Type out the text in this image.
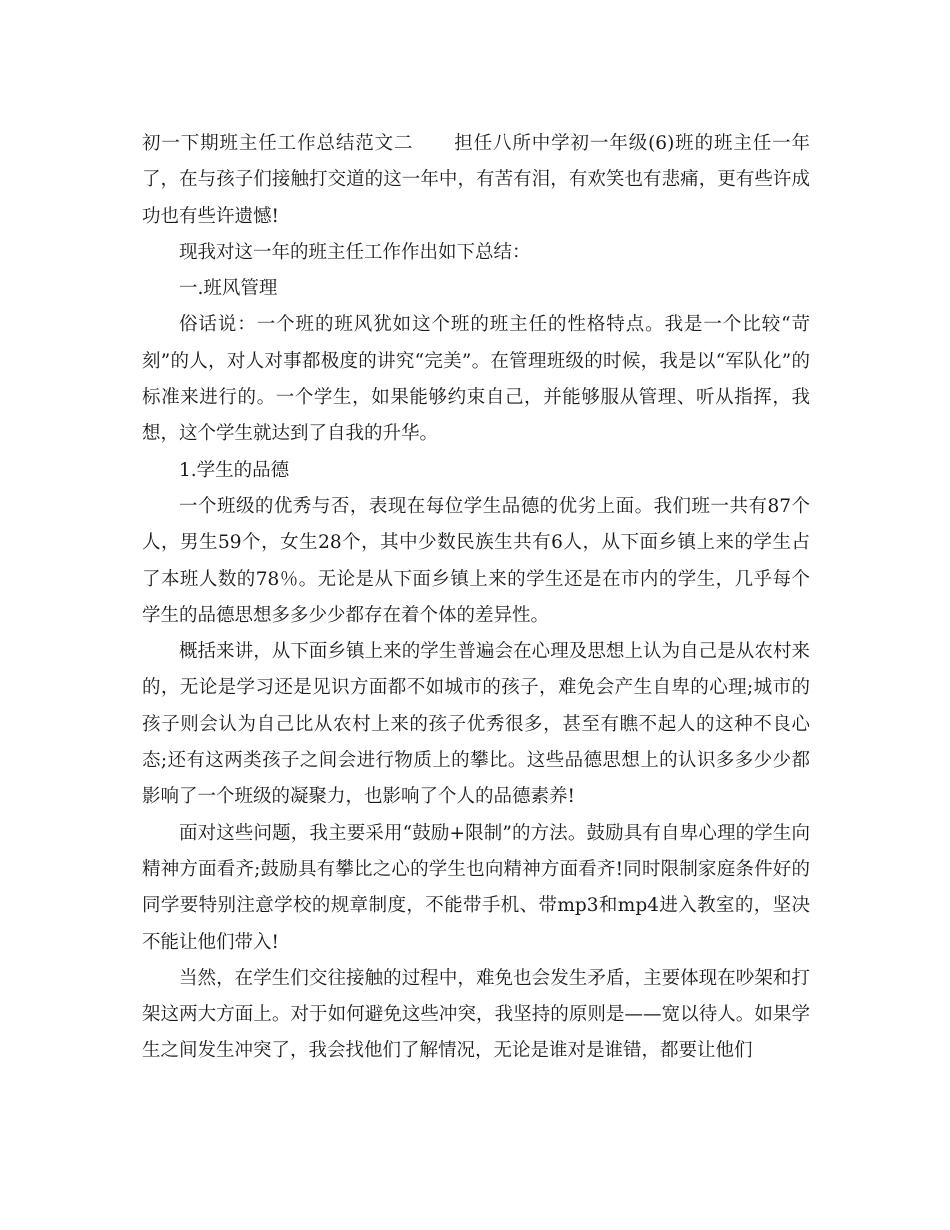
初一下期班主任工作总结范文二 担任八所中学初一年级(6)班的班主任一年了，在与孩子们接触打交道的这一年中，有苦有泪，有欢笑也有悲痛，更有些许成功也有些许遗憾!

现我对这一年的班主任工作作出如下总结：

一.班风管理

俗话说：一个班的班风犹如这个班的班主任的性格特点。我是一个比较“苛刻”的人，对人对事都极度的讲究“完美”。在管理班级的时候，我是以“军队化”的标准来进行的。一个学生，如果能够约束自己，并能够服从管理、听从指挥，我想，这个学生就达到了自我的升华。

1.学生的品德

一个班级的优秀与否，表现在每位学生品德的优劣上面。我们班一共有87个人，男生59个，女生28个，其中少数民族生共有6人，从下面乡镇上来的学生占了本班人数的78％。无论是从下面乡镇上来的学生还是在市内的学生，几乎每个学生的品德思想多多少少都存在着个体的差异性。

概括来讲，从下面乡镇上来的学生普遍会在心理及思想上认为自己是从农村来的，无论是学习还是见识方面都不如城市的孩子，难免会产生自卑的心理;城市的孩子则会认为自己比从农村上来的孩子优秀很多，甚至有瞧不起人的这种不良心态;还有这两类孩子之间会进行物质上的攀比。这些品德思想上的认识多多少少都影响了一个班级的凝聚力，也影响了个人的品德素养!

面对这些问题，我主要采用“鼓励+限制”的方法。鼓励具有自卑心理的学生向精神方面看齐;鼓励具有攀比之心的学生也向精神方面看齐!同时限制家庭条件好的同学要特别注意学校的规章制度，不能带手机、带mp3和mp4进入教室的，坚决不能让他们带入!

当然，在学生们交往接触的过程中，难免也会发生矛盾，主要体现在吵架和打架这两大方面上。对于如何避免这些冲突，我坚持的原则是——宽以待人。如果学生之间发生冲突了，我会找他们了解情况，无论是谁对是谁错，都要让他们
